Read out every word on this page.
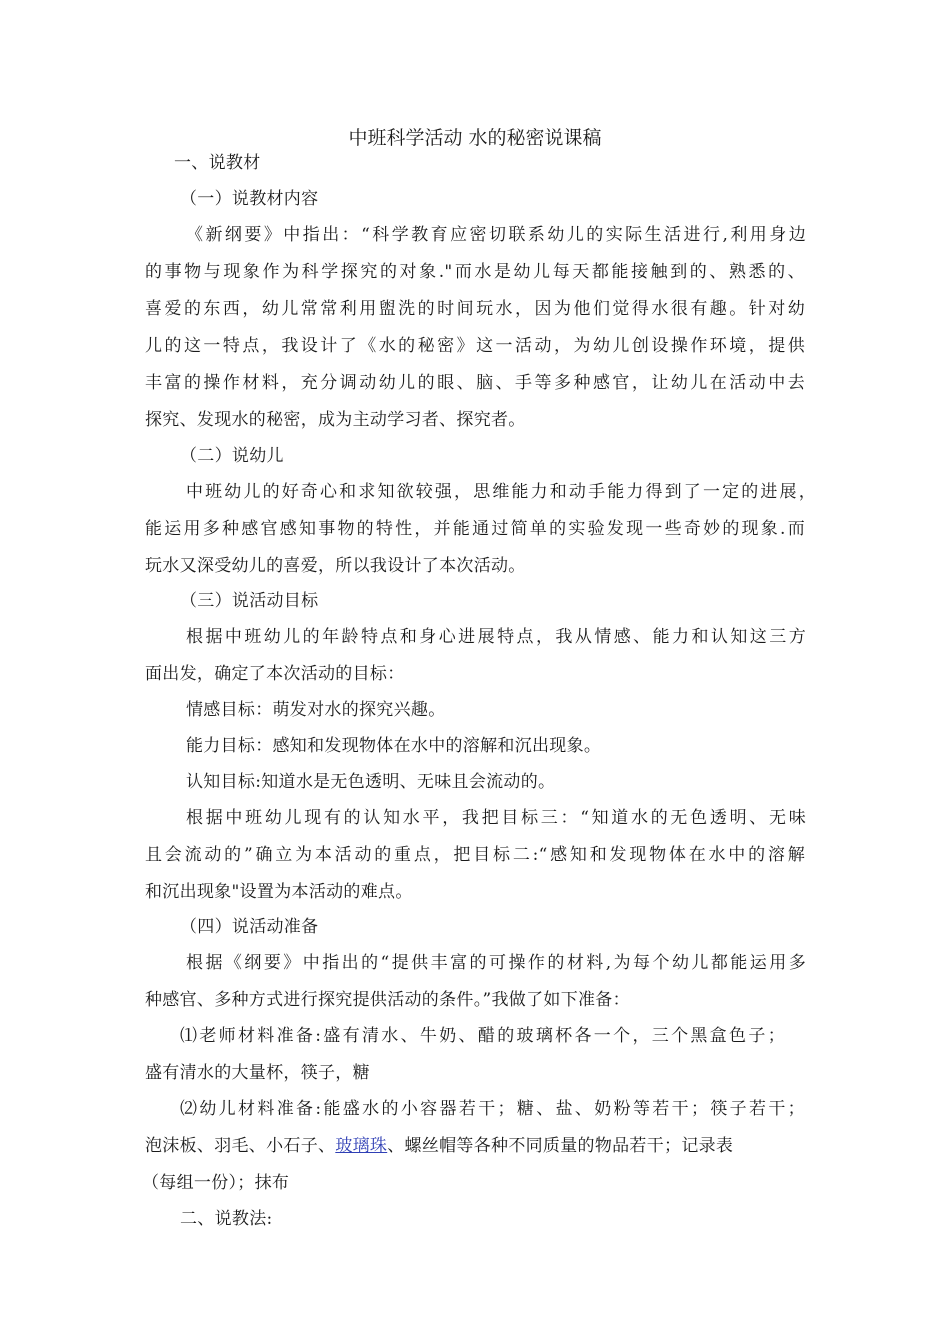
中班科学活动 水的秘密说课稿
一、说教材
（一）说教材内容
《新纲要》中指出：“科学教育应密切联系幼儿的实际生活进行,利用身边
的事物与现象作为科学探究的对象."而水是幼儿每天都能接触到的、熟悉的、
喜爱的东西，幼儿常常利用盥洗的时间玩水，因为他们觉得水很有趣。针对幼
儿的这一特点，我设计了《水的秘密》这一活动，为幼儿创设操作环境，提供
丰富的操作材料，充分调动幼儿的眼、脑、手等多种感官，让幼儿在活动中去
探究、发现水的秘密，成为主动学习者、探究者。
（二）说幼儿
中班幼儿的好奇心和求知欲较强，思维能力和动手能力得到了一定的进展，
能运用多种感官感知事物的特性，并能通过简单的实验发现一些奇妙的现象.而
玩水又深受幼儿的喜爱，所以我设计了本次活动。
（三）说活动目标
根据中班幼儿的年龄特点和身心进展特点，我从情感、能力和认知这三方
面出发，确定了本次活动的目标：
情感目标：萌发对水的探究兴趣。
能力目标：感知和发现物体在水中的溶解和沉出现象。
认知目标:知道水是无色透明、无味且会流动的。
根据中班幼儿现有的认知水平，我把目标三：“知道水的无色透明、无味
且会流动的”确立为本活动的重点，把目标二:“感知和发现物体在水中的溶解
和沉出现象"设置为本活动的难点。
（四）说活动准备
根据《纲要》中指出的“提供丰富的可操作的材料,为每个幼儿都能运用多
种感官、多种方式进行探究提供活动的条件。”我做了如下准备：
⑴老师材料准备:盛有清水、牛奶、醋的玻璃杯各一个，三个黑盒色子；
盛有清水的大量杯，筷子，糖
⑵幼儿材料准备:能盛水的小容器若干；糖、盐、奶粉等若干；筷子若干；
泡沫板、羽毛、小石子、玻璃珠、螺丝帽等各种不同质量的物品若干；记录表
（每组一份）；抹布
二、说教法:
